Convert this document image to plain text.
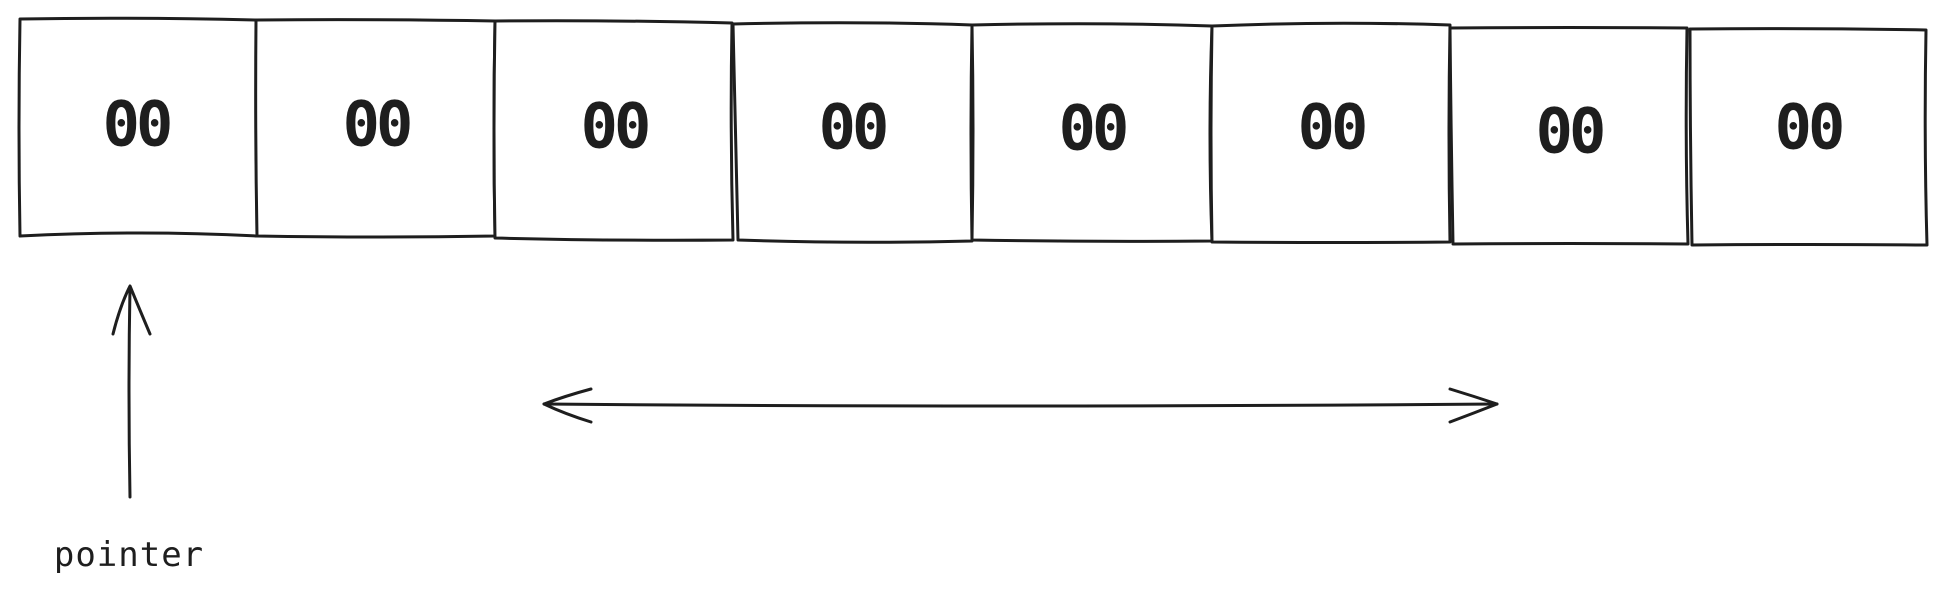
00	00	00	00	00	00	00	00
pointer
